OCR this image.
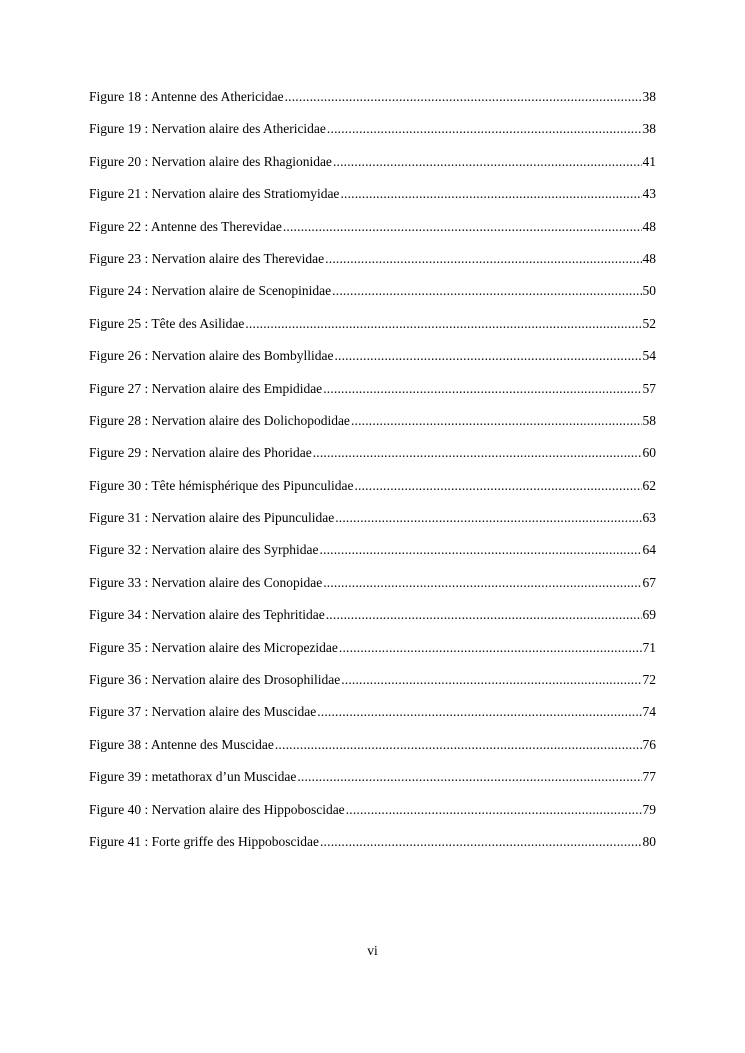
Figure 18 : Antenne des Athericidae .....	38
Figure 19 : Nervation alaire des Athericidae .....	38
Figure 20 : Nervation alaire des Rhagionidae .....	41
Figure 21 : Nervation alaire des Stratiomyidae .....	43
Figure 22 : Antenne des Therevidae .....	48
Figure 23 : Nervation alaire des Therevidae .....	48
Figure 24 : Nervation alaire de Scenopinidae .....	50
Figure 25 : Tête des Asilidae .....	52
Figure 26 : Nervation alaire des Bombyllidae .....	54
Figure 27 : Nervation alaire des Empididae .....	57
Figure 28 : Nervation alaire des Dolichopodidae .....	58
Figure 29 : Nervation alaire des Phoridae .....	60
Figure 30 : Tête hémisphérique des Pipunculidae .....	62
Figure 31 : Nervation alaire des Pipunculidae .....	63
Figure 32 : Nervation alaire des Syrphidae .....	64
Figure 33 : Nervation alaire des Conopidae .....	67
Figure 34 : Nervation alaire des Tephritidae .....	69
Figure 35 : Nervation alaire des Micropezidae .....	71
Figure 36 : Nervation alaire des Drosophilidae .....	72
Figure 37 : Nervation alaire des Muscidae .....	74
Figure 38 : Antenne des Muscidae .....	76
Figure 39 : metathorax d’un Muscidae .....	77
Figure 40 : Nervation alaire des Hippoboscidae .....	79
Figure 41 : Forte griffe des Hippoboscidae .....	80
vi
